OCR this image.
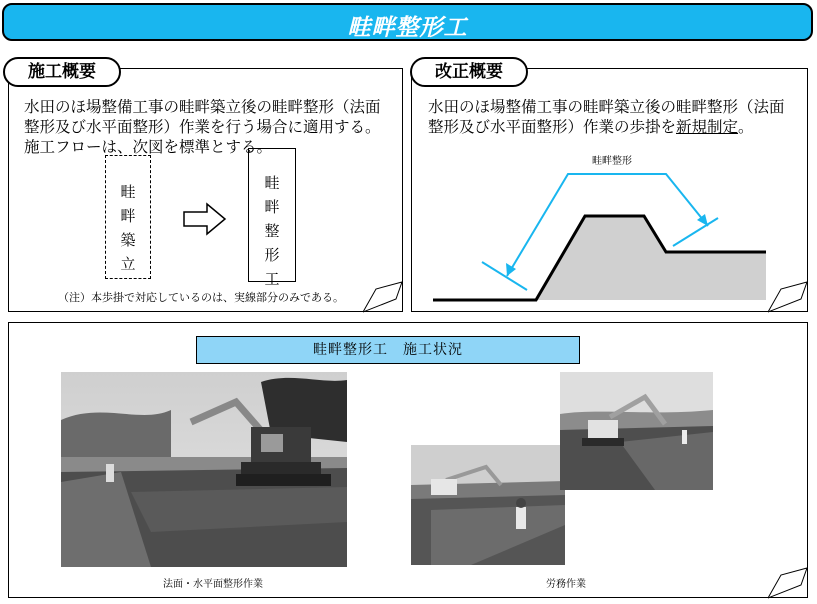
畦畔整形工
施工概要
水田のほ場整備工事の畦畔築立後の畦畔整形（法面
整形及び水平面整形）作業を行う場合に適用する。
施工フローは、次図を標準とする。
畦
畔
築
立
畦
畔
整
形
工
（注）本歩掛で対応しているのは、実線部分のみである。
改正概要
水田のほ場整備工事の畦畔築立後の畦畔整形（法面
整形及び水平面整形）作業の歩掛を新規制定。
畦畔整形
畦畔整形工　施工状況
法面・水平面整形作業	労務作業
